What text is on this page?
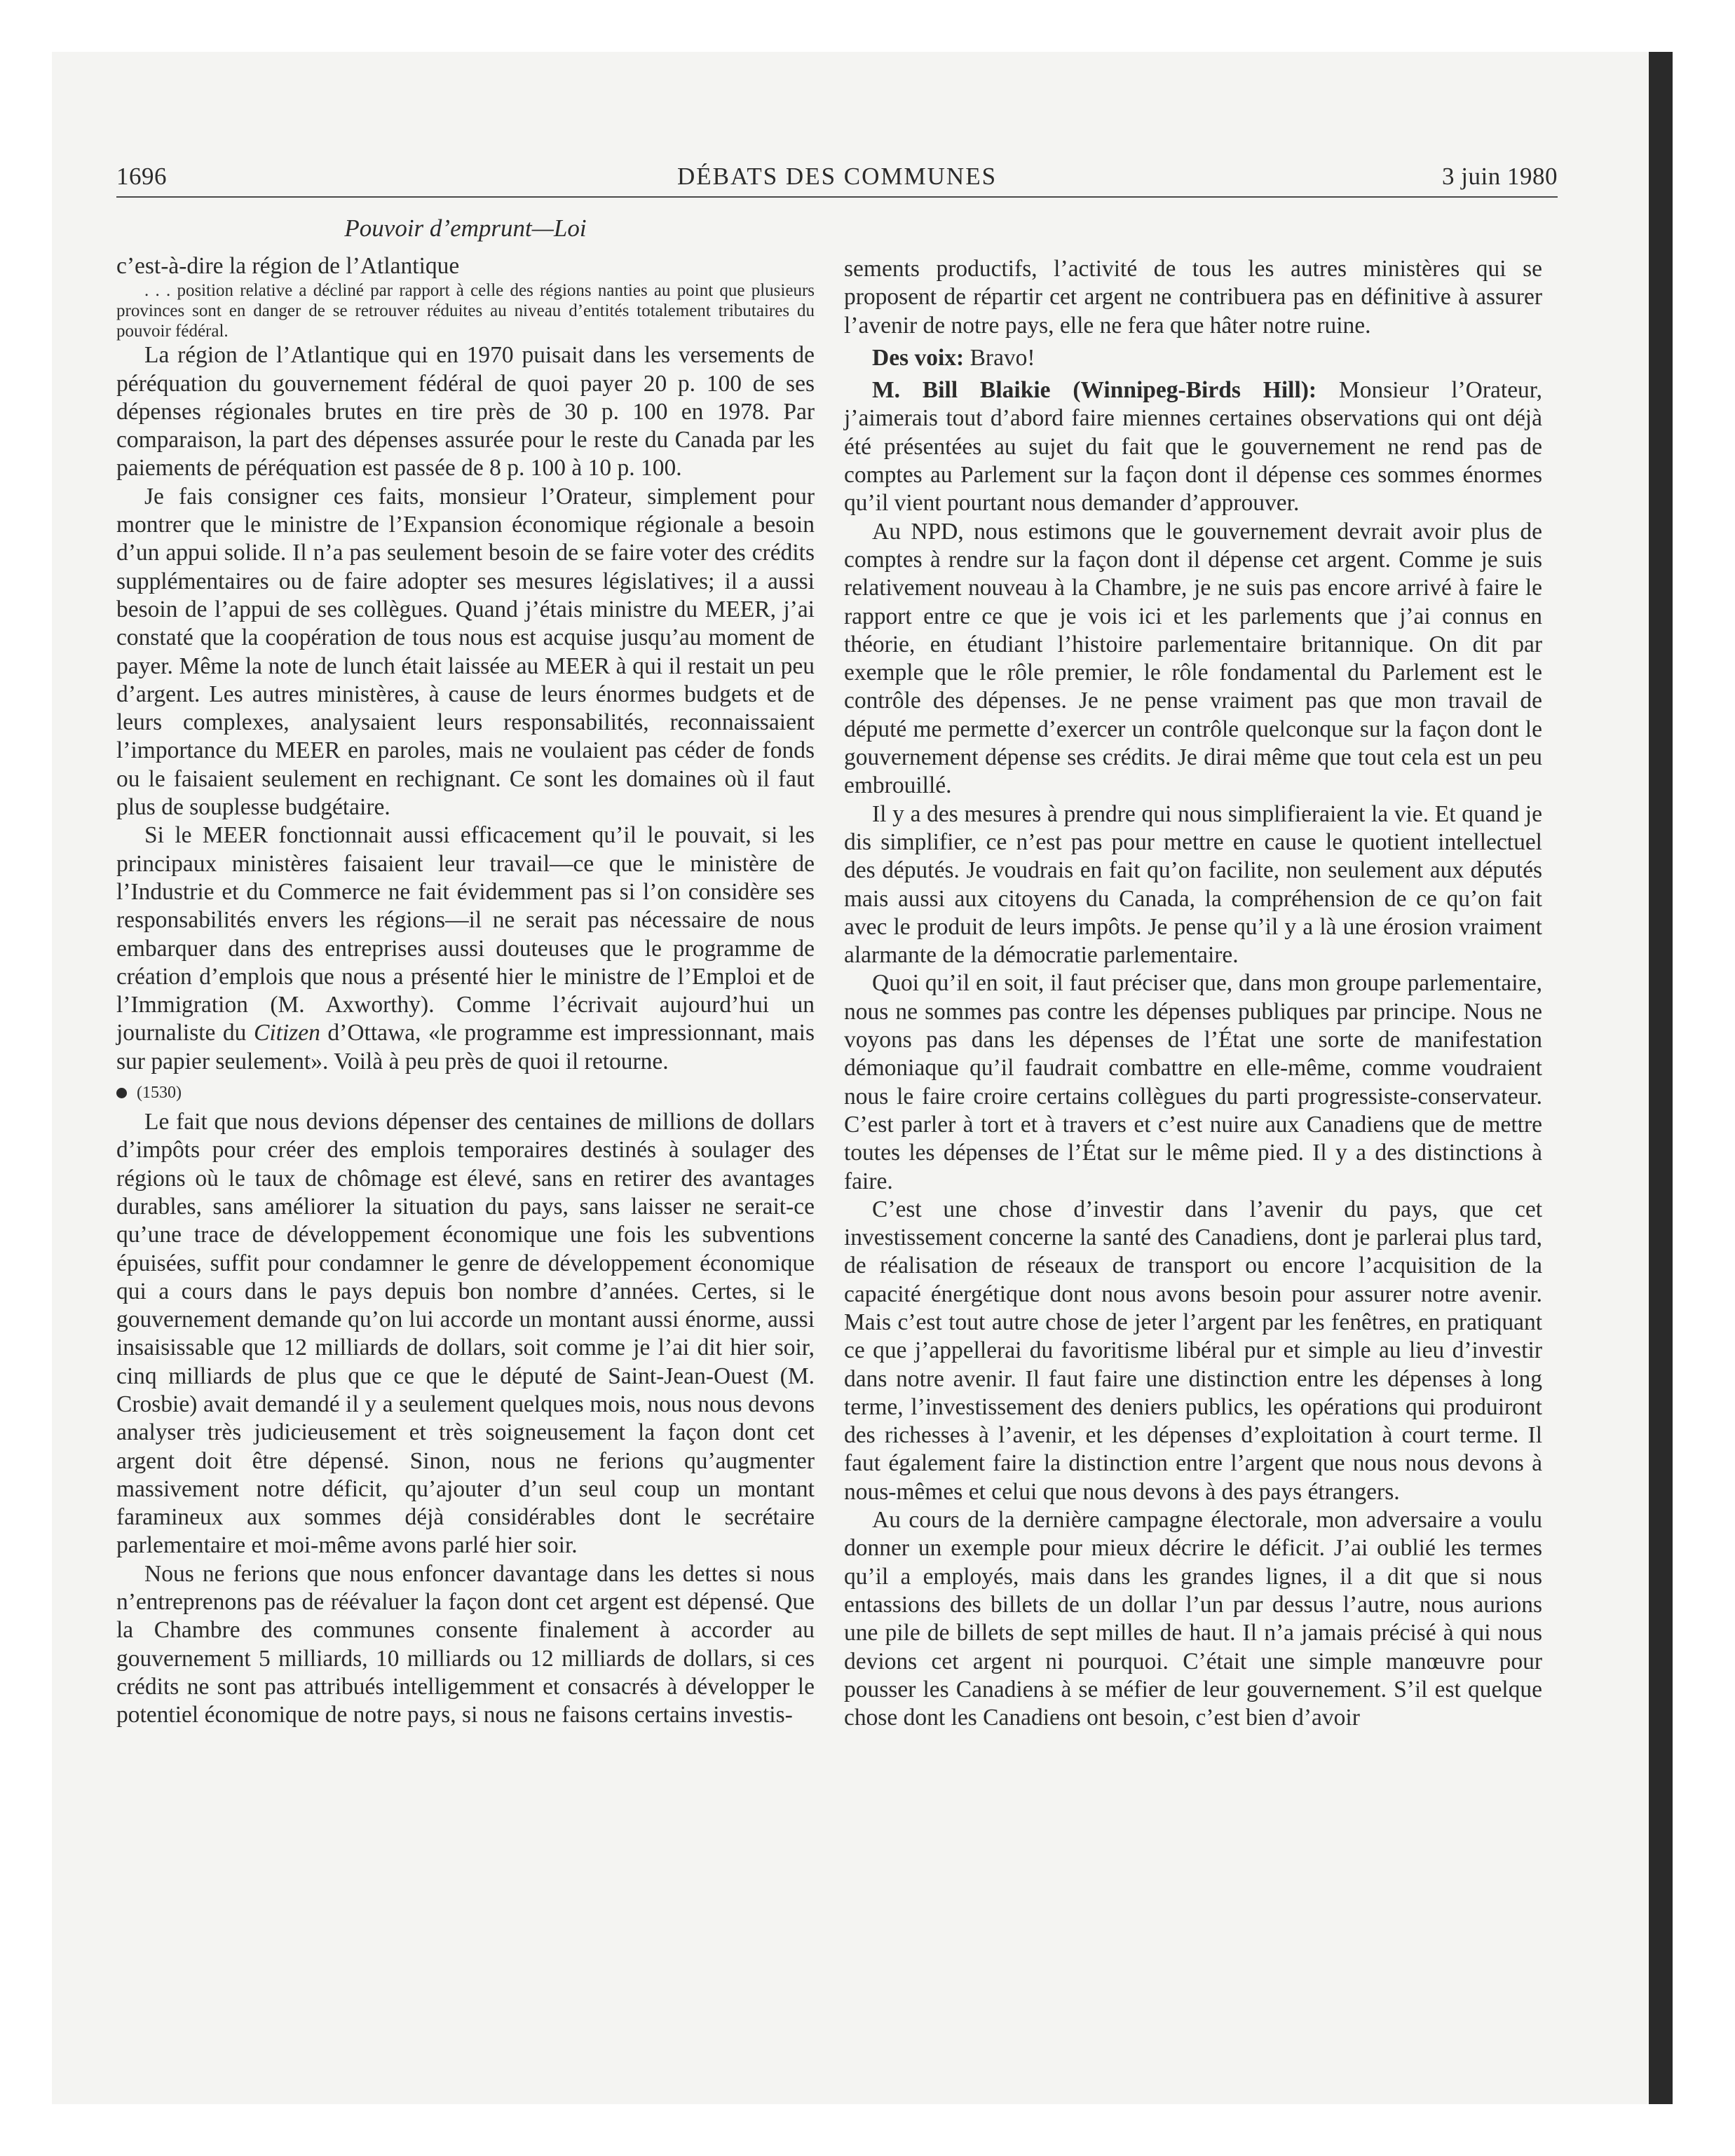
1696	DÉBATS DES COMMUNES	3 juin 1980
Pouvoir d’emprunt—Loi

c’est-à-dire la région de l’Atlantique

. . . position relative a décliné par rapport à celle des régions nanties au point que plusieurs provinces sont en danger de se retrouver réduites au niveau d’entités totalement tributaires du pouvoir fédéral.

La région de l’Atlantique qui en 1970 puisait dans les versements de péréquation du gouvernement fédéral de quoi payer 20 p. 100 de ses dépenses régionales brutes en tire près de 30 p. 100 en 1978. Par comparaison, la part des dépenses assurée pour le reste du Canada par les paiements de péréquation est passée de 8 p. 100 à 10 p. 100.

Je fais consigner ces faits, monsieur l’Orateur, simplement pour montrer que le ministre de l’Expansion économique régionale a besoin d’un appui solide. Il n’a pas seulement besoin de se faire voter des crédits supplémentaires ou de faire adopter ses mesures législatives; il a aussi besoin de l’appui de ses collègues. Quand j’étais ministre du MEER, j’ai constaté que la coopération de tous nous est acquise jusqu’au moment de payer. Même la note de lunch était laissée au MEER à qui il restait un peu d’argent. Les autres ministères, à cause de leurs énormes budgets et de leurs complexes, analysaient leurs responsabilités, reconnaissaient l’importance du MEER en paroles, mais ne voulaient pas céder de fonds ou le faisaient seulement en rechignant. Ce sont les domaines où il faut plus de souplesse budgétaire.

Si le MEER fonctionnait aussi efficacement qu’il le pouvait, si les principaux ministères faisaient leur travail—ce que le ministère de l’Industrie et du Commerce ne fait évidemment pas si l’on considère ses responsabilités envers les régions—il ne serait pas nécessaire de nous embarquer dans des entreprises aussi douteuses que le programme de création d’emplois que nous a présenté hier le ministre de l’Emploi et de l’Immigration (M. Axworthy). Comme l’écrivait aujourd’hui un journaliste du Citizen d’Ottawa, «le programme est impressionnant, mais sur papier seulement». Voilà à peu près de quoi il retourne.

(1530)

Le fait que nous devions dépenser des centaines de millions de dollars d’impôts pour créer des emplois temporaires destinés à soulager des régions où le taux de chômage est élevé, sans en retirer des avantages durables, sans améliorer la situation du pays, sans laisser ne serait-ce qu’une trace de développement économique une fois les subventions épuisées, suffit pour condamner le genre de développement économique qui a cours dans le pays depuis bon nombre d’années. Certes, si le gouvernement demande qu’on lui accorde un montant aussi énorme, aussi insaisissable que 12 milliards de dollars, soit comme je l’ai dit hier soir, cinq milliards de plus que ce que le député de Saint-Jean-Ouest (M. Crosbie) avait demandé il y a seulement quelques mois, nous nous devons analyser très judicieusement et très soigneusement la façon dont cet argent doit être dépensé. Sinon, nous ne ferions qu’augmenter massivement notre déficit, qu’ajouter d’un seul coup un montant faramineux aux sommes déjà considérables dont le secrétaire parlementaire et moi-même avons parlé hier soir.

Nous ne ferions que nous enfoncer davantage dans les dettes si nous n’entreprenons pas de réévaluer la façon dont cet argent est dépensé. Que la Chambre des communes consente finalement à accorder au gouvernement 5 milliards, 10 milliards ou 12 milliards de dollars, si ces crédits ne sont pas attribués intelligemment et consacrés à développer le potentiel économique de notre pays, si nous ne faisons certains investis-

sements productifs, l’activité de tous les autres ministères qui se proposent de répartir cet argent ne contribuera pas en définitive à assurer l’avenir de notre pays, elle ne fera que hâter notre ruine.

Des voix: Bravo!

M. Bill Blaikie (Winnipeg-Birds Hill): Monsieur l’Orateur, j’aimerais tout d’abord faire miennes certaines observations qui ont déjà été présentées au sujet du fait que le gouvernement ne rend pas de comptes au Parlement sur la façon dont il dépense ces sommes énormes qu’il vient pourtant nous demander d’approuver.

Au NPD, nous estimons que le gouvernement devrait avoir plus de comptes à rendre sur la façon dont il dépense cet argent. Comme je suis relativement nouveau à la Chambre, je ne suis pas encore arrivé à faire le rapport entre ce que je vois ici et les parlements que j’ai connus en théorie, en étudiant l’histoire parlementaire britannique. On dit par exemple que le rôle premier, le rôle fondamental du Parlement est le contrôle des dépenses. Je ne pense vraiment pas que mon travail de député me permette d’exercer un contrôle quelconque sur la façon dont le gouvernement dépense ses crédits. Je dirai même que tout cela est un peu embrouillé.

Il y a des mesures à prendre qui nous simplifieraient la vie. Et quand je dis simplifier, ce n’est pas pour mettre en cause le quotient intellectuel des députés. Je voudrais en fait qu’on facilite, non seulement aux députés mais aussi aux citoyens du Canada, la compréhension de ce qu’on fait avec le produit de leurs impôts. Je pense qu’il y a là une érosion vraiment alarmante de la démocratie parlementaire.

Quoi qu’il en soit, il faut préciser que, dans mon groupe parlementaire, nous ne sommes pas contre les dépenses publiques par principe. Nous ne voyons pas dans les dépenses de l’État une sorte de manifestation démoniaque qu’il faudrait combattre en elle-même, comme voudraient nous le faire croire certains collègues du parti progressiste-conservateur. C’est parler à tort et à travers et c’est nuire aux Canadiens que de mettre toutes les dépenses de l’État sur le même pied. Il y a des distinctions à faire.

C’est une chose d’investir dans l’avenir du pays, que cet investissement concerne la santé des Canadiens, dont je parlerai plus tard, de réalisation de réseaux de transport ou encore l’acquisition de la capacité énergétique dont nous avons besoin pour assurer notre avenir. Mais c’est tout autre chose de jeter l’argent par les fenêtres, en pratiquant ce que j’appellerai du favoritisme libéral pur et simple au lieu d’investir dans notre avenir. Il faut faire une distinction entre les dépenses à long terme, l’investissement des deniers publics, les opérations qui produiront des richesses à l’avenir, et les dépenses d’exploitation à court terme. Il faut également faire la distinction entre l’argent que nous nous devons à nous-mêmes et celui que nous devons à des pays étrangers.

Au cours de la dernière campagne électorale, mon adversaire a voulu donner un exemple pour mieux décrire le déficit. J’ai oublié les termes qu’il a employés, mais dans les grandes lignes, il a dit que si nous entassions des billets de un dollar l’un par dessus l’autre, nous aurions une pile de billets de sept milles de haut. Il n’a jamais précisé à qui nous devions cet argent ni pourquoi. C’était une simple manœuvre pour pousser les Canadiens à se méfier de leur gouvernement. S’il est quelque chose dont les Canadiens ont besoin, c’est bien d’avoir
